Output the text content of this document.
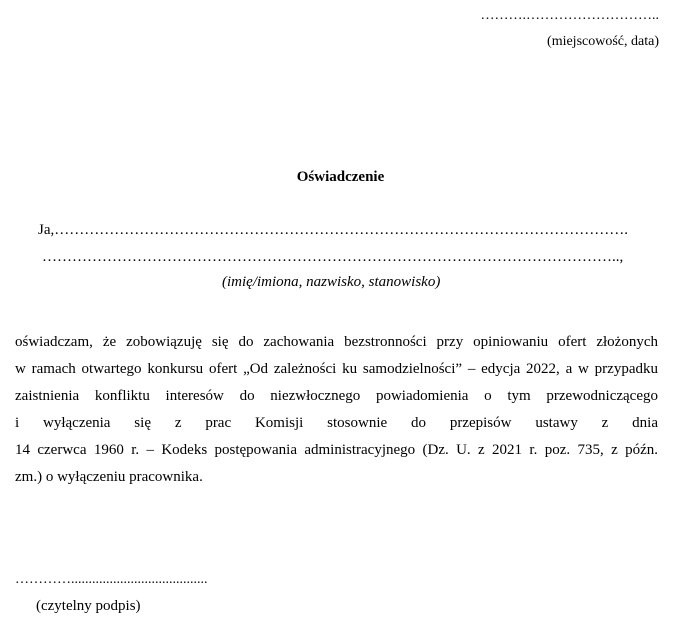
……….………………………..
(miejscowość, data)
Oświadczenie
Ja,…………………………………………………………………………………………………….
……………………………………………………………………………………………………..,
(imię/imiona, nazwisko, stanowisko)
oświadczam, że zobowiązuję się do zachowania bezstronności przy opiniowaniu ofert złożonych
w ramach otwartego konkursu ofert „Od zależności ku samodzielności” – edycja 2022, a w przypadku
zaistnienia konfliktu interesów do niezwłocznego powiadomienia o tym przewodniczącego
i wyłączenia się z prac Komisji stosownie do przepisów ustawy z dnia
14 czerwca 1960 r. – Kodeks postępowania administracyjnego (Dz. U. z 2021 r. poz. 735, z późn.
zm.) o wyłączeniu pracownika.
………….......................................
(czytelny podpis)
